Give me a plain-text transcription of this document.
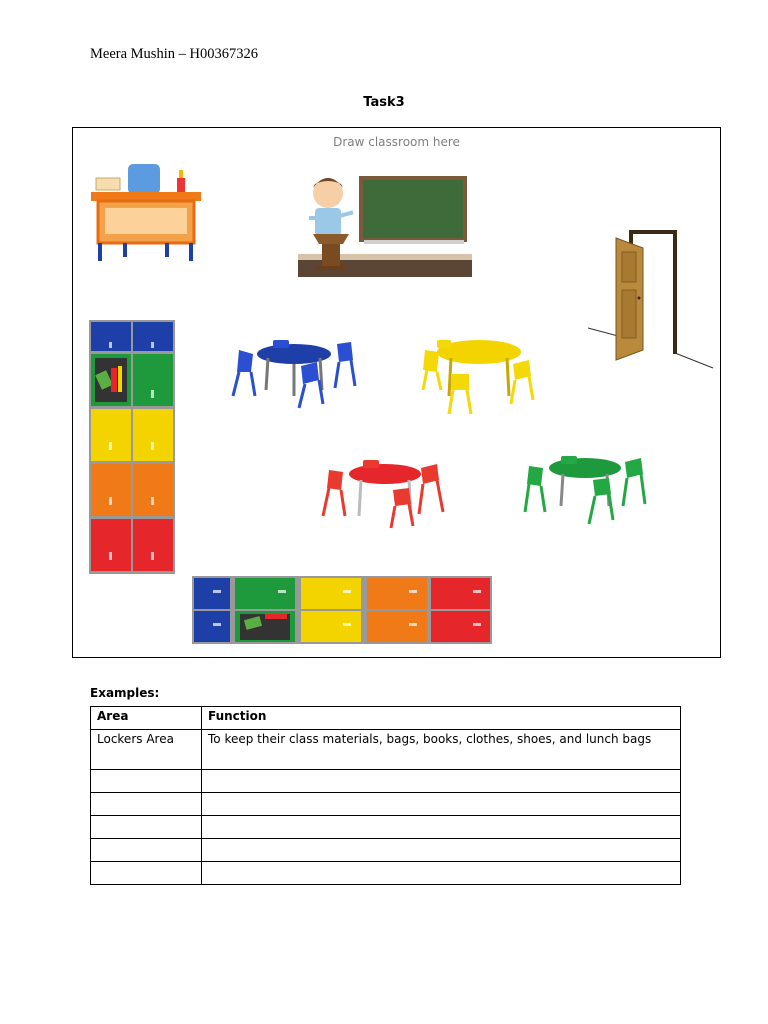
Meera Mushin – H00367326
Task3
Draw classroom here
Examples:
Area	Function
Lockers Area	To keep their class materials, bags, books, clothes, shoes, and lunch bags
